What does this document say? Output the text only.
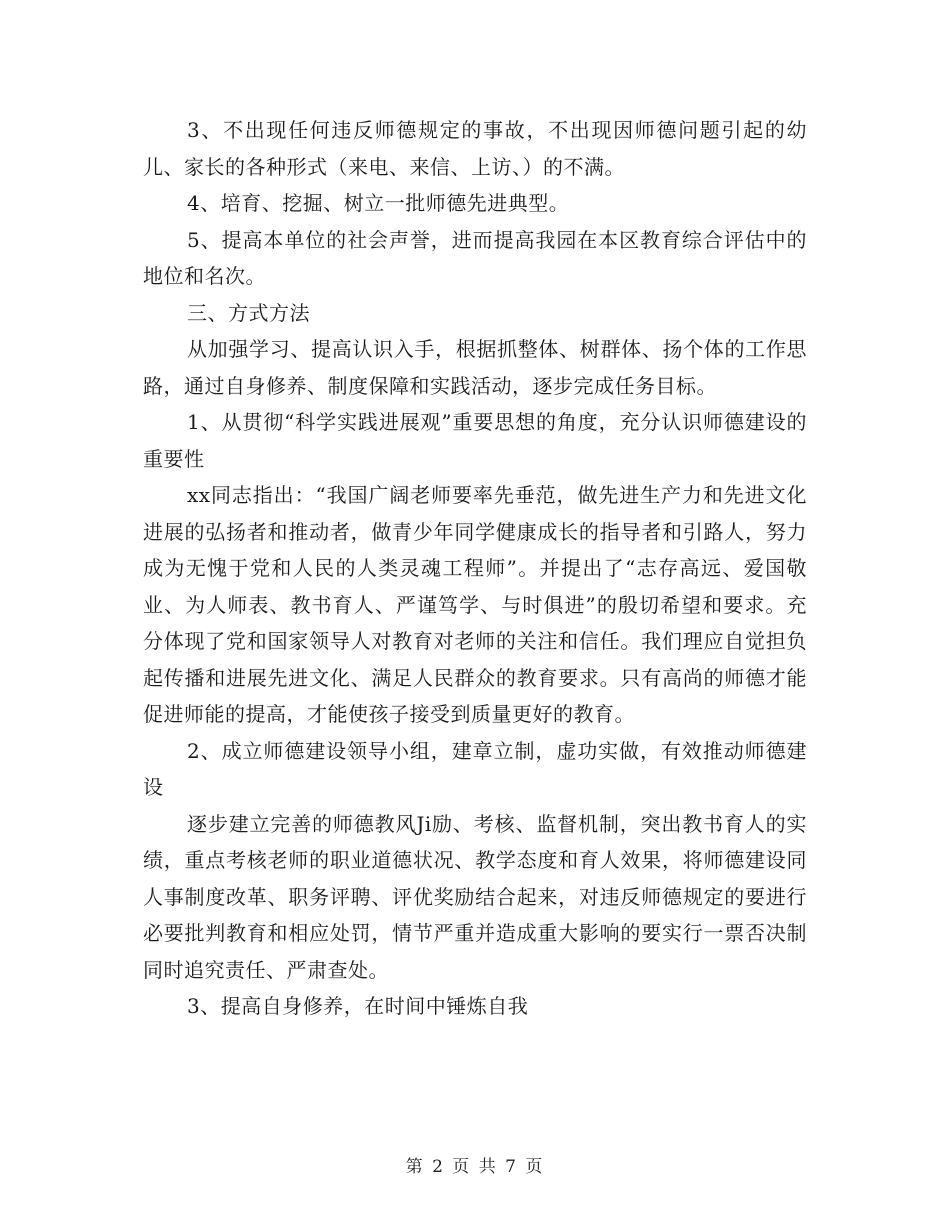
3、不出现任何违反师德规定的事故，不出现因师德问题引起的幼儿、家长的各种形式（来电、来信、上访、）的不满。

4、培育、挖掘、树立一批师德先进典型。

5、提高本单位的社会声誉，进而提高我园在本区教育综合评估中的地位和名次。

三、方式方法

从加强学习、提高认识入手，根据抓整体、树群体、扬个体的工作思路，通过自身修养、制度保障和实践活动，逐步完成任务目标。

1、从贯彻“科学实践进展观”重要思想的角度，充分认识师德建设的重要性

xx同志指出：“我国广阔老师要率先垂范，做先进生产力和先进文化进展的弘扬者和推动者，做青少年同学健康成长的指导者和引路人，努力成为无愧于党和人民的人类灵魂工程师”。并提出了“志存高远、爱国敬业、为人师表、教书育人、严谨笃学、与时俱进”的殷切希望和要求。充分体现了党和国家领导人对教育对老师的关注和信任。我们理应自觉担负起传播和进展先进文化、满足人民群众的教育要求。只有高尚的师德才能促进师能的提高，才能使孩子接受到质量更好的教育。

2、成立师德建设领导小组，建章立制，虚功实做，有效推动师德建设

逐步建立完善的师德教风Ji励、考核、监督机制，突出教书育人的实绩，重点考核老师的职业道德状况、教学态度和育人效果，将师德建设同人事制度改革、职务评聘、评优奖励结合起来，对违反师德规定的要进行必要批判教育和相应处罚，情节严重并造成重大影响的要实行一票否决制同时追究责任、严肃查处。

3、提高自身修养，在时间中锤炼自我

第 2 页 共 7 页
